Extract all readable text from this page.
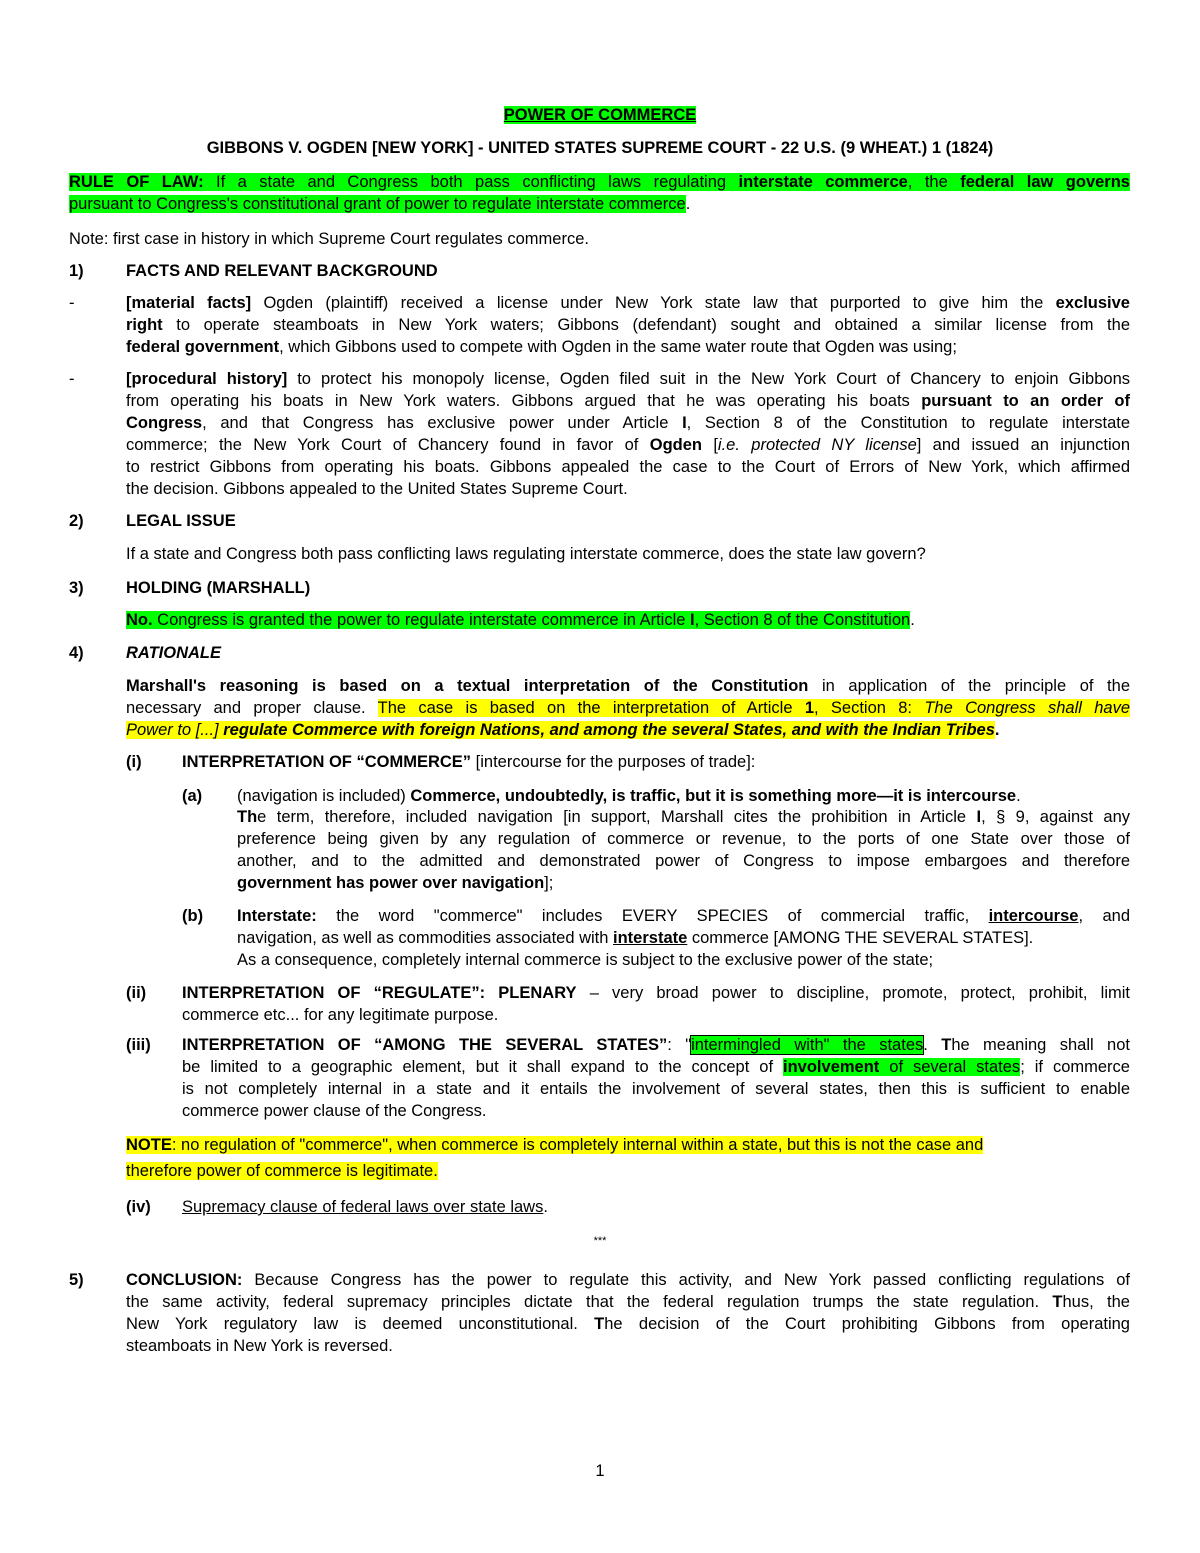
POWER OF COMMERCE
GIBBONS V. OGDEN [NEW YORK] - UNITED STATES SUPREME COURT - 22 U.S. (9 WHEAT.) 1 (1824)
RULE OF LAW: If a state and Congress both pass conflicting laws regulating interstate commerce, the federal law governs
pursuant to Congress's constitutional grant of power to regulate interstate commerce.
Note: first case in history in which Supreme Court regulates commerce.
1)	FACTS AND RELEVANT BACKGROUND
-	[material facts] Ogden (plaintiff) received a license under New York state law that purported to give him the exclusive
right to operate steamboats in New York waters; Gibbons (defendant) sought and obtained a similar license from the
federal government, which Gibbons used to compete with Ogden in the same water route that Ogden was using;
-	[procedural history] to protect his monopoly license, Ogden filed suit in the New York Court of Chancery to enjoin Gibbons
from operating his boats in New York waters. Gibbons argued that he was operating his boats pursuant to an order of
Congress, and that Congress has exclusive power under Article I, Section 8 of the Constitution to regulate interstate
commerce; the New York Court of Chancery found in favor of Ogden [i.e. protected NY license] and issued an injunction
to restrict Gibbons from operating his boats. Gibbons appealed the case to the Court of Errors of New York, which affirmed
the decision. Gibbons appealed to the United States Supreme Court.
2)	LEGAL ISSUE
If a state and Congress both pass conflicting laws regulating interstate commerce, does the state law govern?
3)	HOLDING (MARSHALL)
No. Congress is granted the power to regulate interstate commerce in Article I, Section 8 of the Constitution.
4)	RATIONALE
Marshall's reasoning is based on a textual interpretation of the Constitution in application of the principle of the
necessary and proper clause. The case is based on the interpretation of Article 1, Section 8: The Congress shall have
Power to [...] regulate Commerce with foreign Nations, and among the several States, and with the Indian Tribes.
(i) INTERPRETATION OF “COMMERCE” [intercourse for the purposes of trade]:
(a) (navigation is included) Commerce, undoubtedly, is traffic, but it is something more—it is intercourse.
The term, therefore, included navigation [in support, Marshall cites the prohibition in Article I, § 9, against any
preference being given by any regulation of commerce or revenue, to the ports of one State over those of
another, and to the admitted and demonstrated power of Congress to impose embargoes and therefore
government has power over navigation];
(b) Interstate: the word "commerce" includes EVERY SPECIES of commercial traffic, intercourse, and
navigation, as well as commodities associated with interstate commerce [AMONG THE SEVERAL STATES].
As a consequence, completely internal commerce is subject to the exclusive power of the state;
(ii) INTERPRETATION OF “REGULATE”: PLENARY – very broad power to discipline, promote, protect, prohibit, limit
commerce etc... for any legitimate purpose.
(iii) INTERPRETATION OF “AMONG THE SEVERAL STATES”: "intermingled with" the states. The meaning shall not
be limited to a geographic element, but it shall expand to the concept of involvement of several states; if commerce
is not completely internal in a state and it entails the involvement of several states, then this is sufficient to enable
commerce power clause of the Congress.
NOTE: no regulation of "commerce", when commerce is completely internal within a state, but this is not the case and
therefore power of commerce is legitimate.
(iv) Supremacy clause of federal laws over state laws.
***
5)	CONCLUSION: Because Congress has the power to regulate this activity, and New York passed conflicting regulations of
the same activity, federal supremacy principles dictate that the federal regulation trumps the state regulation. Thus, the
New York regulatory law is deemed unconstitutional. The decision of the Court prohibiting Gibbons from operating
steamboats in New York is reversed.
1
